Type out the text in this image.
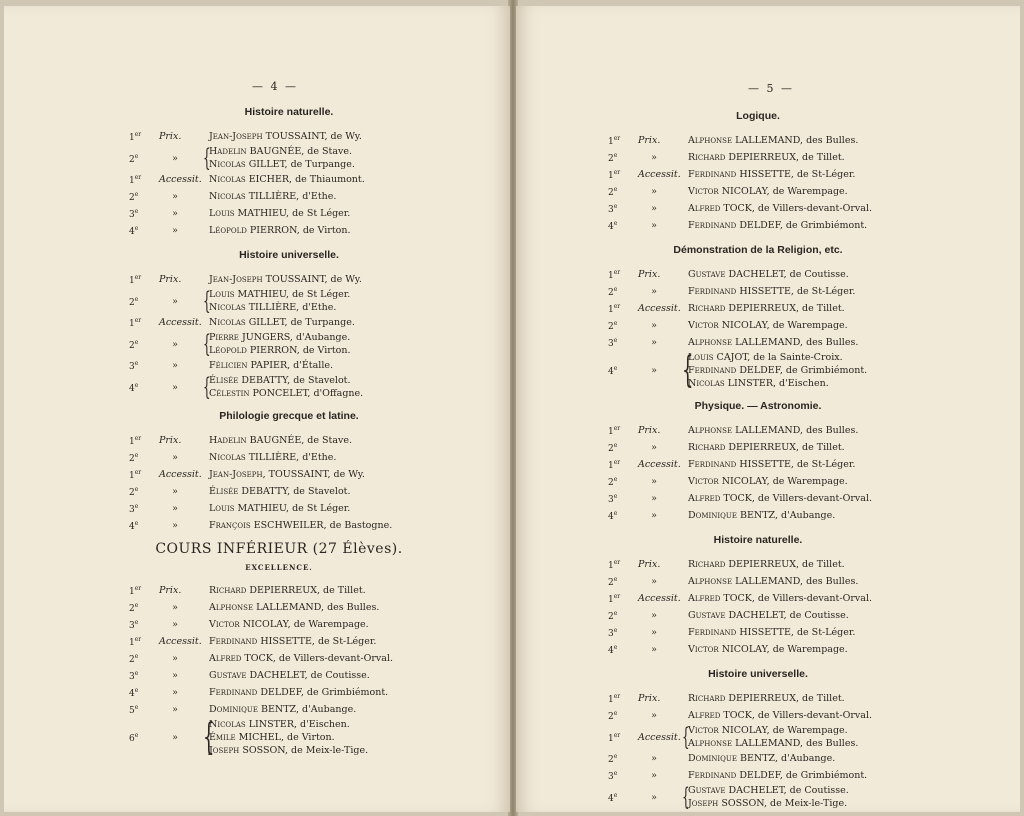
— 4 —
Histoire naturelle.
1er	Prix.	Jean-Joseph TOUSSAINT, de Wy.
2e	»	{
Hadelin BAUGNÉE, de Stave.
Nicolas GILLET, de Turpange.
1er	Accessit. Nicolas EICHER, de Thiaumont.
2e	»	Nicolas TILLIÈRE, d'Ethe.
3e	»	Louis MATHIEU, de St Léger.
4e	»	Léopold PIERRON, de Virton.
Histoire universelle.
1er	Prix.	Jean-Joseph TOUSSAINT, de Wy.
2e	»	{
Louis MATHIEU, de St Léger.
Nicolas TILLIÈRE, d'Ethe.
1er	Accessit. Nicolas GILLET, de Turpange.
2e	»	{
Pierre JUNGERS, d'Aubange.
Léopold PIERRON, de Virton.
3e	»	Félicien PAPIER, d'Étalle.
4e	»	{
Élisée DEBATTY, de Stavelot.
Célestin PONCELET, d'Offagne.
Philologie grecque et latine.
1er	Prix.	Hadelin BAUGNÉE, de Stave.
2e	»	Nicolas TILLIÈRE, d'Ethe.
1er	Accessit. Jean-Joseph, TOUSSAINT, de Wy.
2e	»	Élisée DEBATTY, de Stavelot.
3e	»	Louis MATHIEU, de St Léger.
4e	»	François ESCHWEILER, de Bastogne.
COURS INFÉRIEUR (27 Élèves).
EXCELLENCE.
1er	Prix.	Richard DEPIERREUX, de Tillet.
2e	»	Alphonse LALLEMAND, des Bulles.
3e	»	Victor NICOLAY, de Warempage.
1er	Accessit. Ferdinand HISSETTE, de St-Léger.
2e	»	Alfred TOCK, de Villers-devant-Orval.
3e	»	Gustave DACHELET, de Coutisse.
4e	»	Ferdinand DELDEF, de Grimbiémont.
5e	»	Dominique BENTZ, d'Aubange.
6e	» {
Nicolas LINSTER, d'Eischen.
Émile MICHEL, de Virton.
Joseph SOSSON, de Meix-le-Tige.
— 5 —
Logique.
1er	Prix.	Alphonse LALLEMAND, des Bulles.
2e	»	Richard DEPIERREUX, de Tillet.
1er	Accessit. Ferdinand HISSETTE, de St-Léger.
2e	»	Victor NICOLAY, de Warempage.
3e	»	Alfred TOCK, de Villers-devant-Orval.
4e	»	Ferdinand DELDEF, de Grimbiémont.
Démonstration de la Religion, etc.
1er	Prix.	Gustave DACHELET, de Coutisse.
2e	»	Ferdinand HISSETTE, de St-Léger.
1er	Accessit. Richard DEPIERREUX, de Tillet.
2e	»	Victor NICOLAY, de Warempage.
3e	»	Alphonse LALLEMAND, des Bulles.
4e	» {
Louis CAJOT, de la Sainte-Croix.
Ferdinand DELDEF, de Grimbiémont.
Nicolas LINSTER, d'Eischen.
Physique. — Astronomie.
1er	Prix.	Alphonse LALLEMAND, des Bulles.
2e	»	Richard DEPIERREUX, de Tillet.
1er	Accessit. Ferdinand HISSETTE, de St-Léger.
2e	»	Victor NICOLAY, de Warempage.
3e	»	Alfred TOCK, de Villers-devant-Orval.
4e	»	Dominique BENTZ, d'Aubange.
Histoire naturelle.
1er	Prix.	Richard DEPIERREUX, de Tillet.
2e	»	Alphonse LALLEMAND, des Bulles.
1er	Accessit. Alfred TOCK, de Villers-devant-Orval.
2e	»	Gustave DACHELET, de Coutisse.
3e	»	Ferdinand HISSETTE, de St-Léger.
4e	»	Victor NICOLAY, de Warempage.
Histoire universelle.
1er	Prix.	Richard DEPIERREUX, de Tillet.
2e	»	Alfred TOCK, de Villers-devant-Orval.
1er	Accessit. {
Victor NICOLAY, de Warempage.
Alphonse LALLEMAND, des Bulles.
2e	»	Dominique BENTZ, d'Aubange.
3e	»	Ferdinand DELDEF, de Grimbiémont.
4e	»	{
Gustave DACHELET, de Coutisse.
Joseph SOSSON, de Meix-le-Tige.
